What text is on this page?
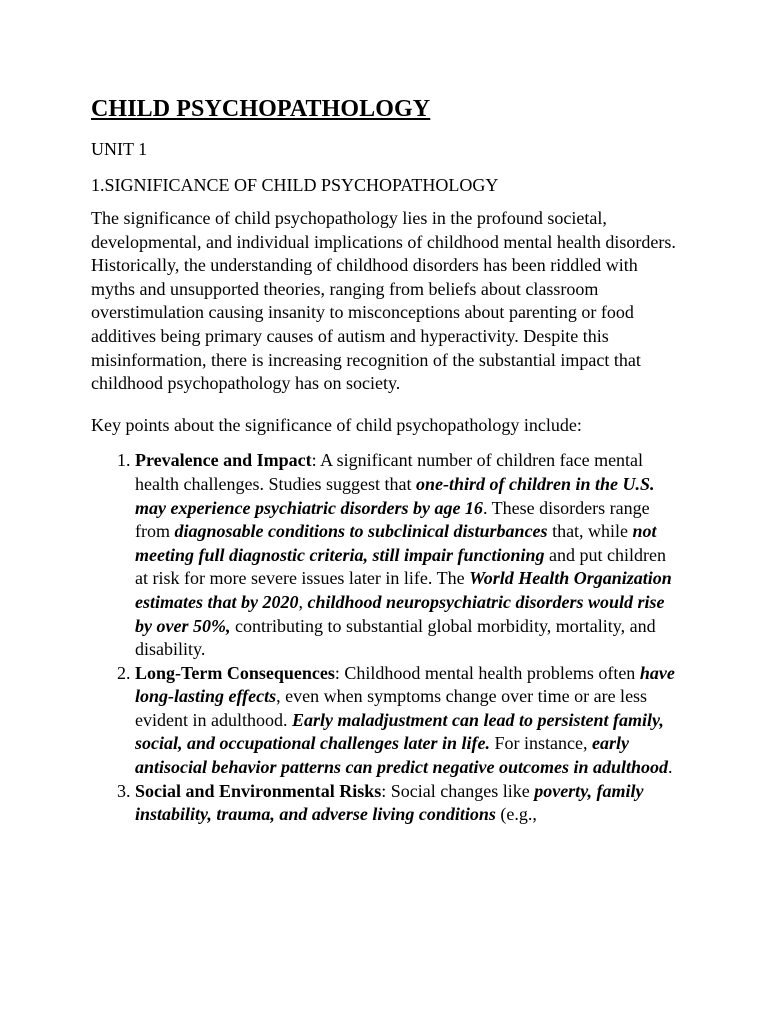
CHILD PSYCHOPATHOLOGY
UNIT 1
1.SIGNIFICANCE OF CHILD PSYCHOPATHOLOGY

The significance of child psychopathology lies in the profound societal, developmental, and individual implications of childhood mental health disorders. Historically, the understanding of childhood disorders has been riddled with myths and unsupported theories, ranging from beliefs about classroom overstimulation causing insanity to misconceptions about parenting or food additives being primary causes of autism and hyperactivity. Despite this misinformation, there is increasing recognition of the substantial impact that childhood psychopathology has on society.

Key points about the significance of child psychopathology include:

1. Prevalence and Impact: A significant number of children face mental health challenges. Studies suggest that one-third of children in the U.S. may experience psychiatric disorders by age 16. These disorders range from diagnosable conditions to subclinical disturbances that, while not meeting full diagnostic criteria, still impair functioning and put children at risk for more severe issues later in life. The World Health Organization estimates that by 2020, childhood neuropsychiatric disorders would rise by over 50%, contributing to substantial global morbidity, mortality, and disability.
2. Long-Term Consequences: Childhood mental health problems often have long-lasting effects, even when symptoms change over time or are less evident in adulthood. Early maladjustment can lead to persistent family, social, and occupational challenges later in life. For instance, early antisocial behavior patterns can predict negative outcomes in adulthood.
3. Social and Environmental Risks: Social changes like poverty, family instability, trauma, and adverse living conditions (e.g.,
